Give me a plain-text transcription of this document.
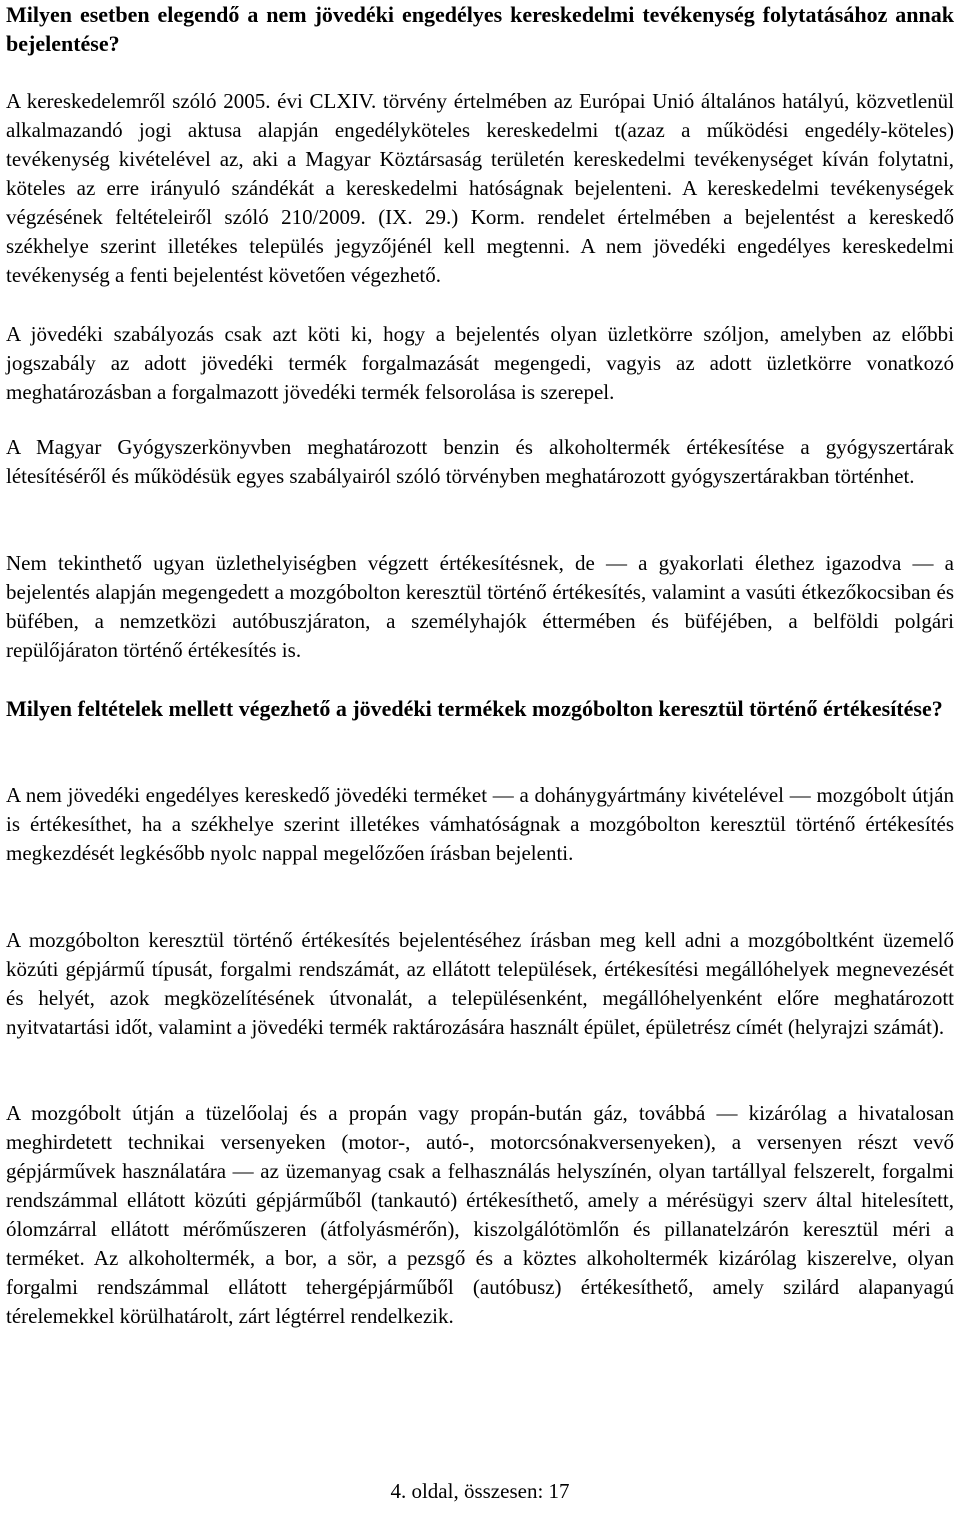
Milyen esetben elegendő a nem jövedéki engedélyes kereskedelmi tevékenység folytatásához annak bejelentése?

A kereskedelemről szóló 2005. évi CLXIV. törvény értelmében az Európai Unió általános hatályú, közvetlenül alkalmazandó jogi aktusa alapján engedélyköteles kereskedelmi t(azaz a működési engedély-köteles) tevékenység kivételével az, aki a Magyar Köztársaság területén kereskedelmi tevékenységet kíván folytatni, köteles az erre irányuló szándékát a kereskedelmi hatóságnak bejelenteni. A kereskedelmi tevékenységek végzésének feltételeiről szóló 210/2009. (IX. 29.) Korm. rendelet értelmében a bejelentést a kereskedő székhelye szerint illetékes település jegyzőjénél kell megtenni. A nem jövedéki engedélyes kereskedelmi tevékenység a fenti bejelentést követően végezhető.

A jövedéki szabályozás csak azt köti ki, hogy a bejelentés olyan üzletkörre szóljon, amelyben az előbbi jogszabály az adott jövedéki termék forgalmazását megengedi, vagyis az adott üzletkörre vonatkozó meghatározásban a forgalmazott jövedéki termék felsorolása is szerepel.

A Magyar Gyógyszerkönyvben meghatározott benzin és alkoholtermék értékesítése a gyógyszertárak létesítéséről és működésük egyes szabályairól szóló törvényben meghatározott gyógyszertárakban történhet.

Nem tekinthető ugyan üzlethelyiségben végzett értékesítésnek, de — a gyakorlati élethez igazodva — a bejelentés alapján megengedett a mozgóbolton keresztül történő értékesítés, valamint a vasúti étkezőkocsiban és büfében, a nemzetközi autóbuszjáraton, a személyhajók éttermében és büféjében, a belföldi polgári repülőjáraton történő értékesítés is.

Milyen feltételek mellett végezhető a jövedéki termékek mozgóbolton keresztül történő értékesítése?

A nem jövedéki engedélyes kereskedő jövedéki terméket — a dohánygyártmány kivételével — mozgóbolt útján is értékesíthet, ha a székhelye szerint illetékes vámhatóságnak a mozgóbolton keresztül történő értékesítés megkezdését legkésőbb nyolc nappal megelőzően írásban bejelenti.

A mozgóbolton keresztül történő értékesítés bejelentéséhez írásban meg kell adni a mozgóboltként üzemelő közúti gépjármű típusát, forgalmi rendszámát, az ellátott települések, értékesítési megállóhelyek megnevezését és helyét, azok megközelítésének útvonalát, a településenként, megállóhelyenként előre meghatározott nyitvatartási időt, valamint a jövedéki termék raktározására használt épület, épületrész címét (helyrajzi számát).

A mozgóbolt útján a tüzelőolaj és a propán vagy propán-bután gáz, továbbá — kizárólag a hivatalosan meghirdetett technikai versenyeken (motor-, autó-, motorcsónakversenyeken), a versenyen részt vevő gépjárművek használatára — az üzemanyag csak a felhasználás helyszínén, olyan tartállyal felszerelt, forgalmi rendszámmal ellátott közúti gépjárműből (tankautó) értékesíthető, amely a mérésügyi szerv által hitelesített, ólomzárral ellátott mérőműszeren (átfolyásmérőn), kiszolgálótömlőn és pillanatelzárón keresztül méri a terméket. Az alkoholtermék, a bor, a sör, a pezsgő és a köztes alkoholtermék kizárólag kiszerelve, olyan forgalmi rendszámmal ellátott tehergépjárműből (autóbusz) értékesíthető, amely szilárd alapanyagú térelemekkel körülhatárolt, zárt légtérrel rendelkezik.

4. oldal, összesen: 17
